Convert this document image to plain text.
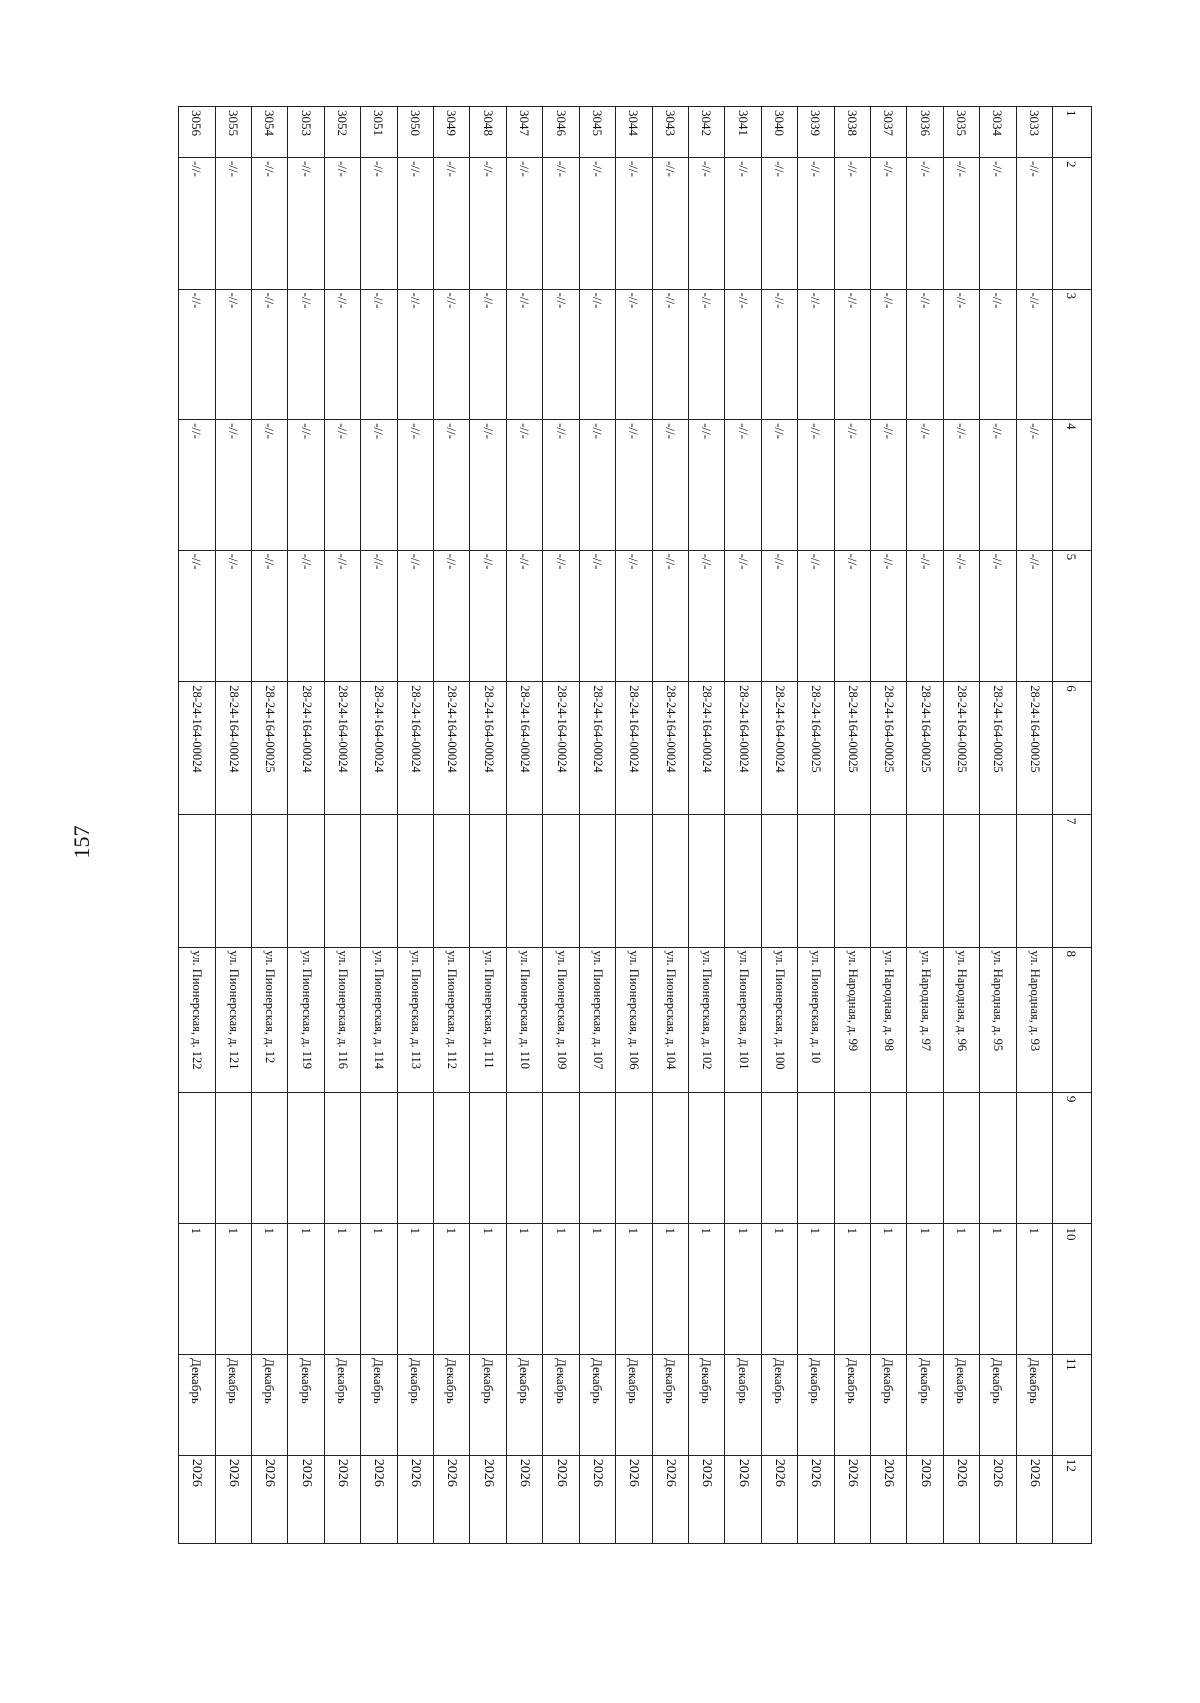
157
1	2	3	4	5	6	7	8	9	10	11	12
3033	-//-	-//-	-//-	-//-	28-24-164-00025		ул. Народная, д. 93		1	Декабрь	2026
3034	-//-	-//-	-//-	-//-	28-24-164-00025		ул. Народная, д. 95		1	Декабрь	2026
3035	-//-	-//-	-//-	-//-	28-24-164-00025		ул. Народная, д. 96		1	Декабрь	2026
3036	-//-	-//-	-//-	-//-	28-24-164-00025		ул. Народная, д. 97		1	Декабрь	2026
3037	-//-	-//-	-//-	-//-	28-24-164-00025		ул. Народная, д. 98		1	Декабрь	2026
3038	-//-	-//-	-//-	-//-	28-24-164-00025		ул. Народная, д. 99		1	Декабрь	2026
3039	-//-	-//-	-//-	-//-	28-24-164-00025		ул. Пионерская, д. 10		1	Декабрь	2026
3040	-//-	-//-	-//-	-//-	28-24-164-00024		ул. Пионерская, д. 100		1	Декабрь	2026
3041	-//-	-//-	-//-	-//-	28-24-164-00024		ул. Пионерская, д. 101		1	Декабрь	2026
3042	-//-	-//-	-//-	-//-	28-24-164-00024		ул. Пионерская, д. 102		1	Декабрь	2026
3043	-//-	-//-	-//-	-//-	28-24-164-00024		ул. Пионерская, д. 104		1	Декабрь	2026
3044	-//-	-//-	-//-	-//-	28-24-164-00024		ул. Пионерская, д. 106		1	Декабрь	2026
3045	-//-	-//-	-//-	-//-	28-24-164-00024		ул. Пионерская, д. 107		1	Декабрь	2026
3046	-//-	-//-	-//-	-//-	28-24-164-00024		ул. Пионерская, д. 109		1	Декабрь	2026
3047	-//-	-//-	-//-	-//-	28-24-164-00024		ул. Пионерская, д. 110		1	Декабрь	2026
3048	-//-	-//-	-//-	-//-	28-24-164-00024		ул. Пионерская, д. 111		1	Декабрь	2026
3049	-//-	-//-	-//-	-//-	28-24-164-00024		ул. Пионерская, д. 112		1	Декабрь	2026
3050	-//-	-//-	-//-	-//-	28-24-164-00024		ул. Пионерская, д. 113		1	Декабрь	2026
3051	-//-	-//-	-//-	-//-	28-24-164-00024		ул. Пионерская, д. 114		1	Декабрь	2026
3052	-//-	-//-	-//-	-//-	28-24-164-00024		ул. Пионерская, д. 116		1	Декабрь	2026
3053	-//-	-//-	-//-	-//-	28-24-164-00024		ул. Пионерская, д. 119		1	Декабрь	2026
3054	-//-	-//-	-//-	-//-	28-24-164-00025		ул. Пионерская, д. 12		1	Декабрь	2026
3055	-//-	-//-	-//-	-//-	28-24-164-00024		ул. Пионерская, д. 121		1	Декабрь	2026
3056	-//-	-//-	-//-	-//-	28-24-164-00024		ул. Пионерская, д. 122		1	Декабрь	2026
